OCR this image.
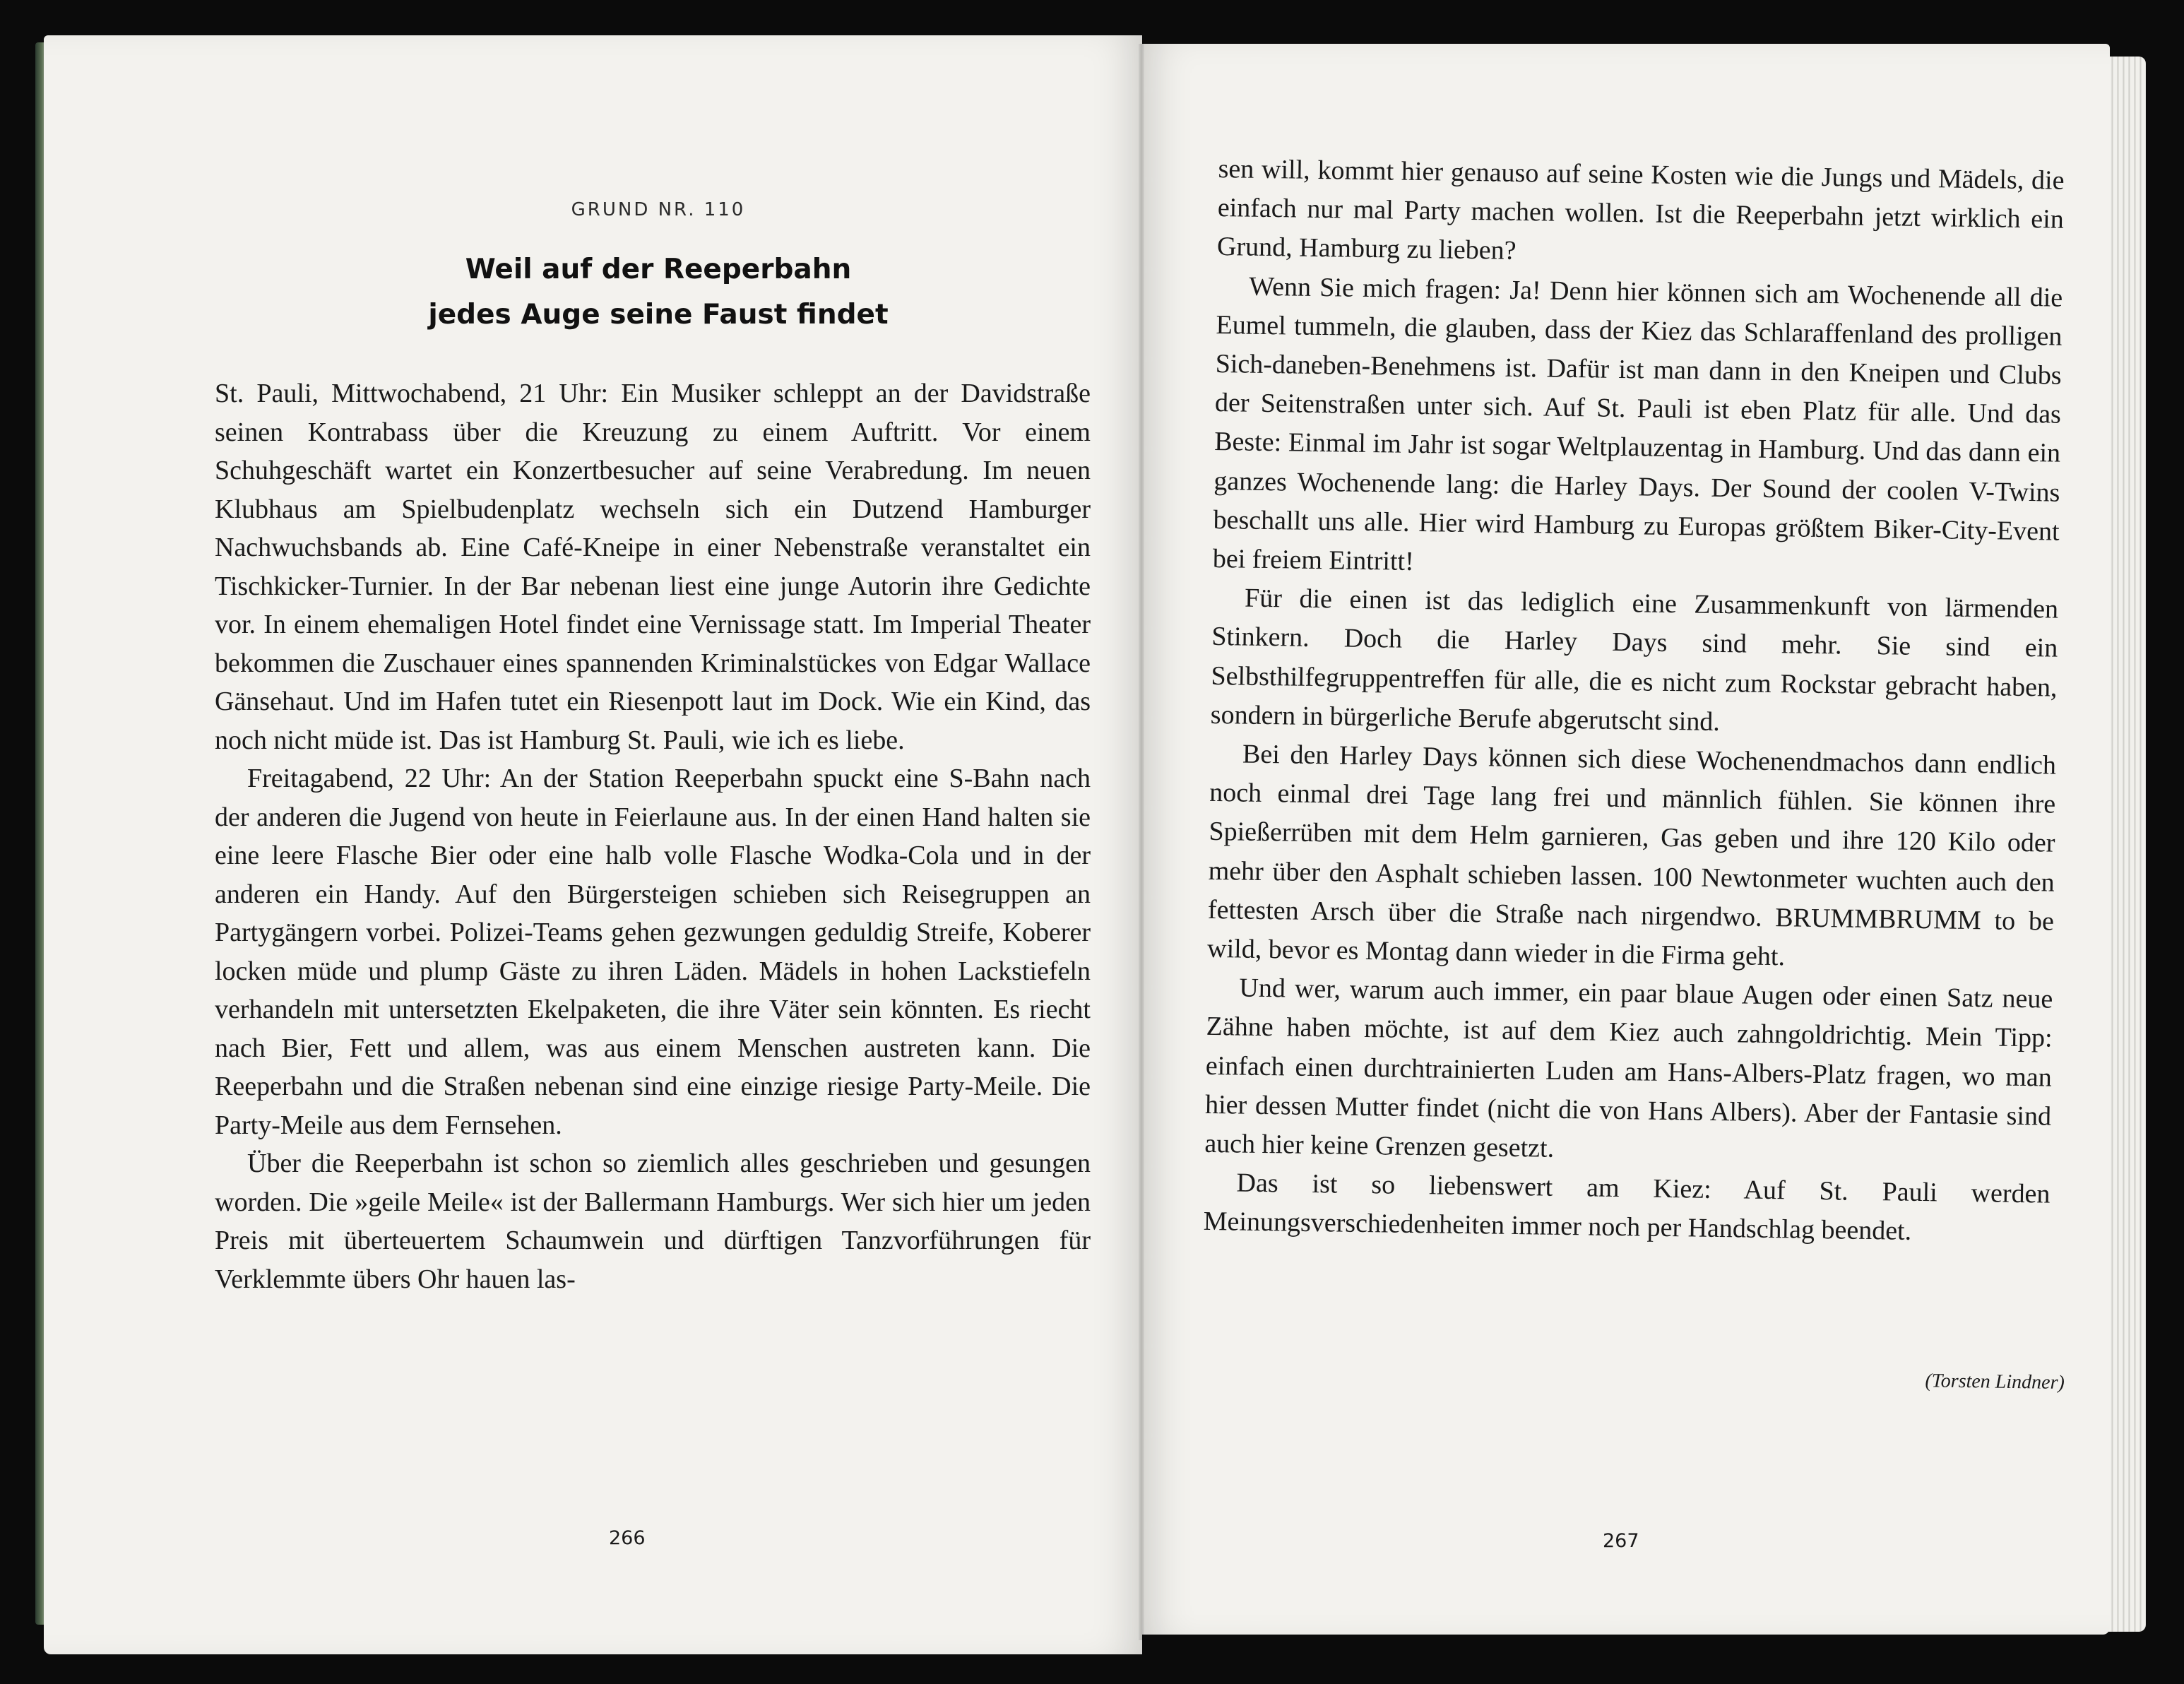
GRUND NR. 110

Weil auf der Reeperbahn
jedes Auge seine Faust findet

St. Pauli, Mittwochabend, 21 Uhr: Ein Musiker schleppt an der Davidstraße seinen Kontrabass über die Kreuzung zu einem Auftritt. Vor einem Schuhgeschäft wartet ein Konzertbesucher auf seine Verabredung. Im neuen Klubhaus am Spielbudenplatz wechseln sich ein Dutzend Hamburger Nachwuchsbands ab. Eine Café-Kneipe in einer Nebenstraße veranstaltet ein Tischkicker-Turnier. In der Bar nebenan liest eine junge Autorin ihre Gedichte vor. In einem ehemaligen Hotel findet eine Vernissage statt. Im Imperial Theater bekommen die Zuschauer eines spannenden Kriminalstückes von Edgar Wallace Gänsehaut. Und im Hafen tutet ein Riesenpott laut im Dock. Wie ein Kind, das noch nicht müde ist. Das ist Hamburg St. Pauli, wie ich es liebe.

Freitagabend, 22 Uhr: An der Station Reeperbahn spuckt eine S-Bahn nach der anderen die Jugend von heute in Feierlaune aus. In der einen Hand halten sie eine leere Flasche Bier oder eine halb volle Flasche Wodka-Cola und in der anderen ein Handy. Auf den Bürgersteigen schieben sich Reisegruppen an Partygängern vorbei. Polizei-Teams gehen gezwungen geduldig Streife, Koberer locken müde und plump Gäste zu ihren Läden. Mädels in hohen Lackstiefeln verhandeln mit untersetzten Ekelpaketen, die ihre Väter sein könnten. Es riecht nach Bier, Fett und allem, was aus einem Menschen austreten kann. Die Reeperbahn und die Straßen nebenan sind eine einzige riesige Party-Meile. Die Party-Meile aus dem Fernsehen.

Über die Reeperbahn ist schon so ziemlich alles geschrieben und gesungen worden. Die »geile Meile« ist der Ballermann Hamburgs. Wer sich hier um jeden Preis mit überteuertem Schaumwein und dürftigen Tanzvorführungen für Verklemmte übers Ohr hauen las-

266

sen will, kommt hier genauso auf seine Kosten wie die Jungs und Mädels, die einfach nur mal Party machen wollen. Ist die Reeperbahn jetzt wirklich ein Grund, Hamburg zu lieben?

Wenn Sie mich fragen: Ja! Denn hier können sich am Wochenende all die Eumel tummeln, die glauben, dass der Kiez das Schlaraffenland des prolligen Sich-daneben-Benehmens ist. Dafür ist man dann in den Kneipen und Clubs der Seitenstraßen unter sich. Auf St. Pauli ist eben Platz für alle. Und das Beste: Einmal im Jahr ist sogar Weltplauzentag in Hamburg. Und das dann ein ganzes Wochenende lang: die Harley Days. Der Sound der coolen V-Twins beschallt uns alle. Hier wird Hamburg zu Europas größtem Biker-City-Event bei freiem Eintritt!

Für die einen ist das lediglich eine Zusammenkunft von lärmenden Stinkern. Doch die Harley Days sind mehr. Sie sind ein Selbsthilfegruppentreffen für alle, die es nicht zum Rockstar gebracht haben, sondern in bürgerliche Berufe abgerutscht sind.

Bei den Harley Days können sich diese Wochenendmachos dann endlich noch einmal drei Tage lang frei und männlich fühlen. Sie können ihre Spießerrüben mit dem Helm garnieren, Gas geben und ihre 120 Kilo oder mehr über den Asphalt schieben lassen. 100 Newtonmeter wuchten auch den fettesten Arsch über die Straße nach nirgendwo. BRUMMBRUMM to be wild, bevor es Montag dann wieder in die Firma geht.

Und wer, warum auch immer, ein paar blaue Augen oder einen Satz neue Zähne haben möchte, ist auf dem Kiez auch zahngoldrichtig. Mein Tipp: einfach einen durchtrainierten Luden am Hans-Albers-Platz fragen, wo man hier dessen Mutter findet (nicht die von Hans Albers). Aber der Fantasie sind auch hier keine Grenzen gesetzt.

Das ist so liebenswert am Kiez: Auf St. Pauli werden Meinungsverschiedenheiten immer noch per Handschlag beendet.

(Torsten Lindner)

267
